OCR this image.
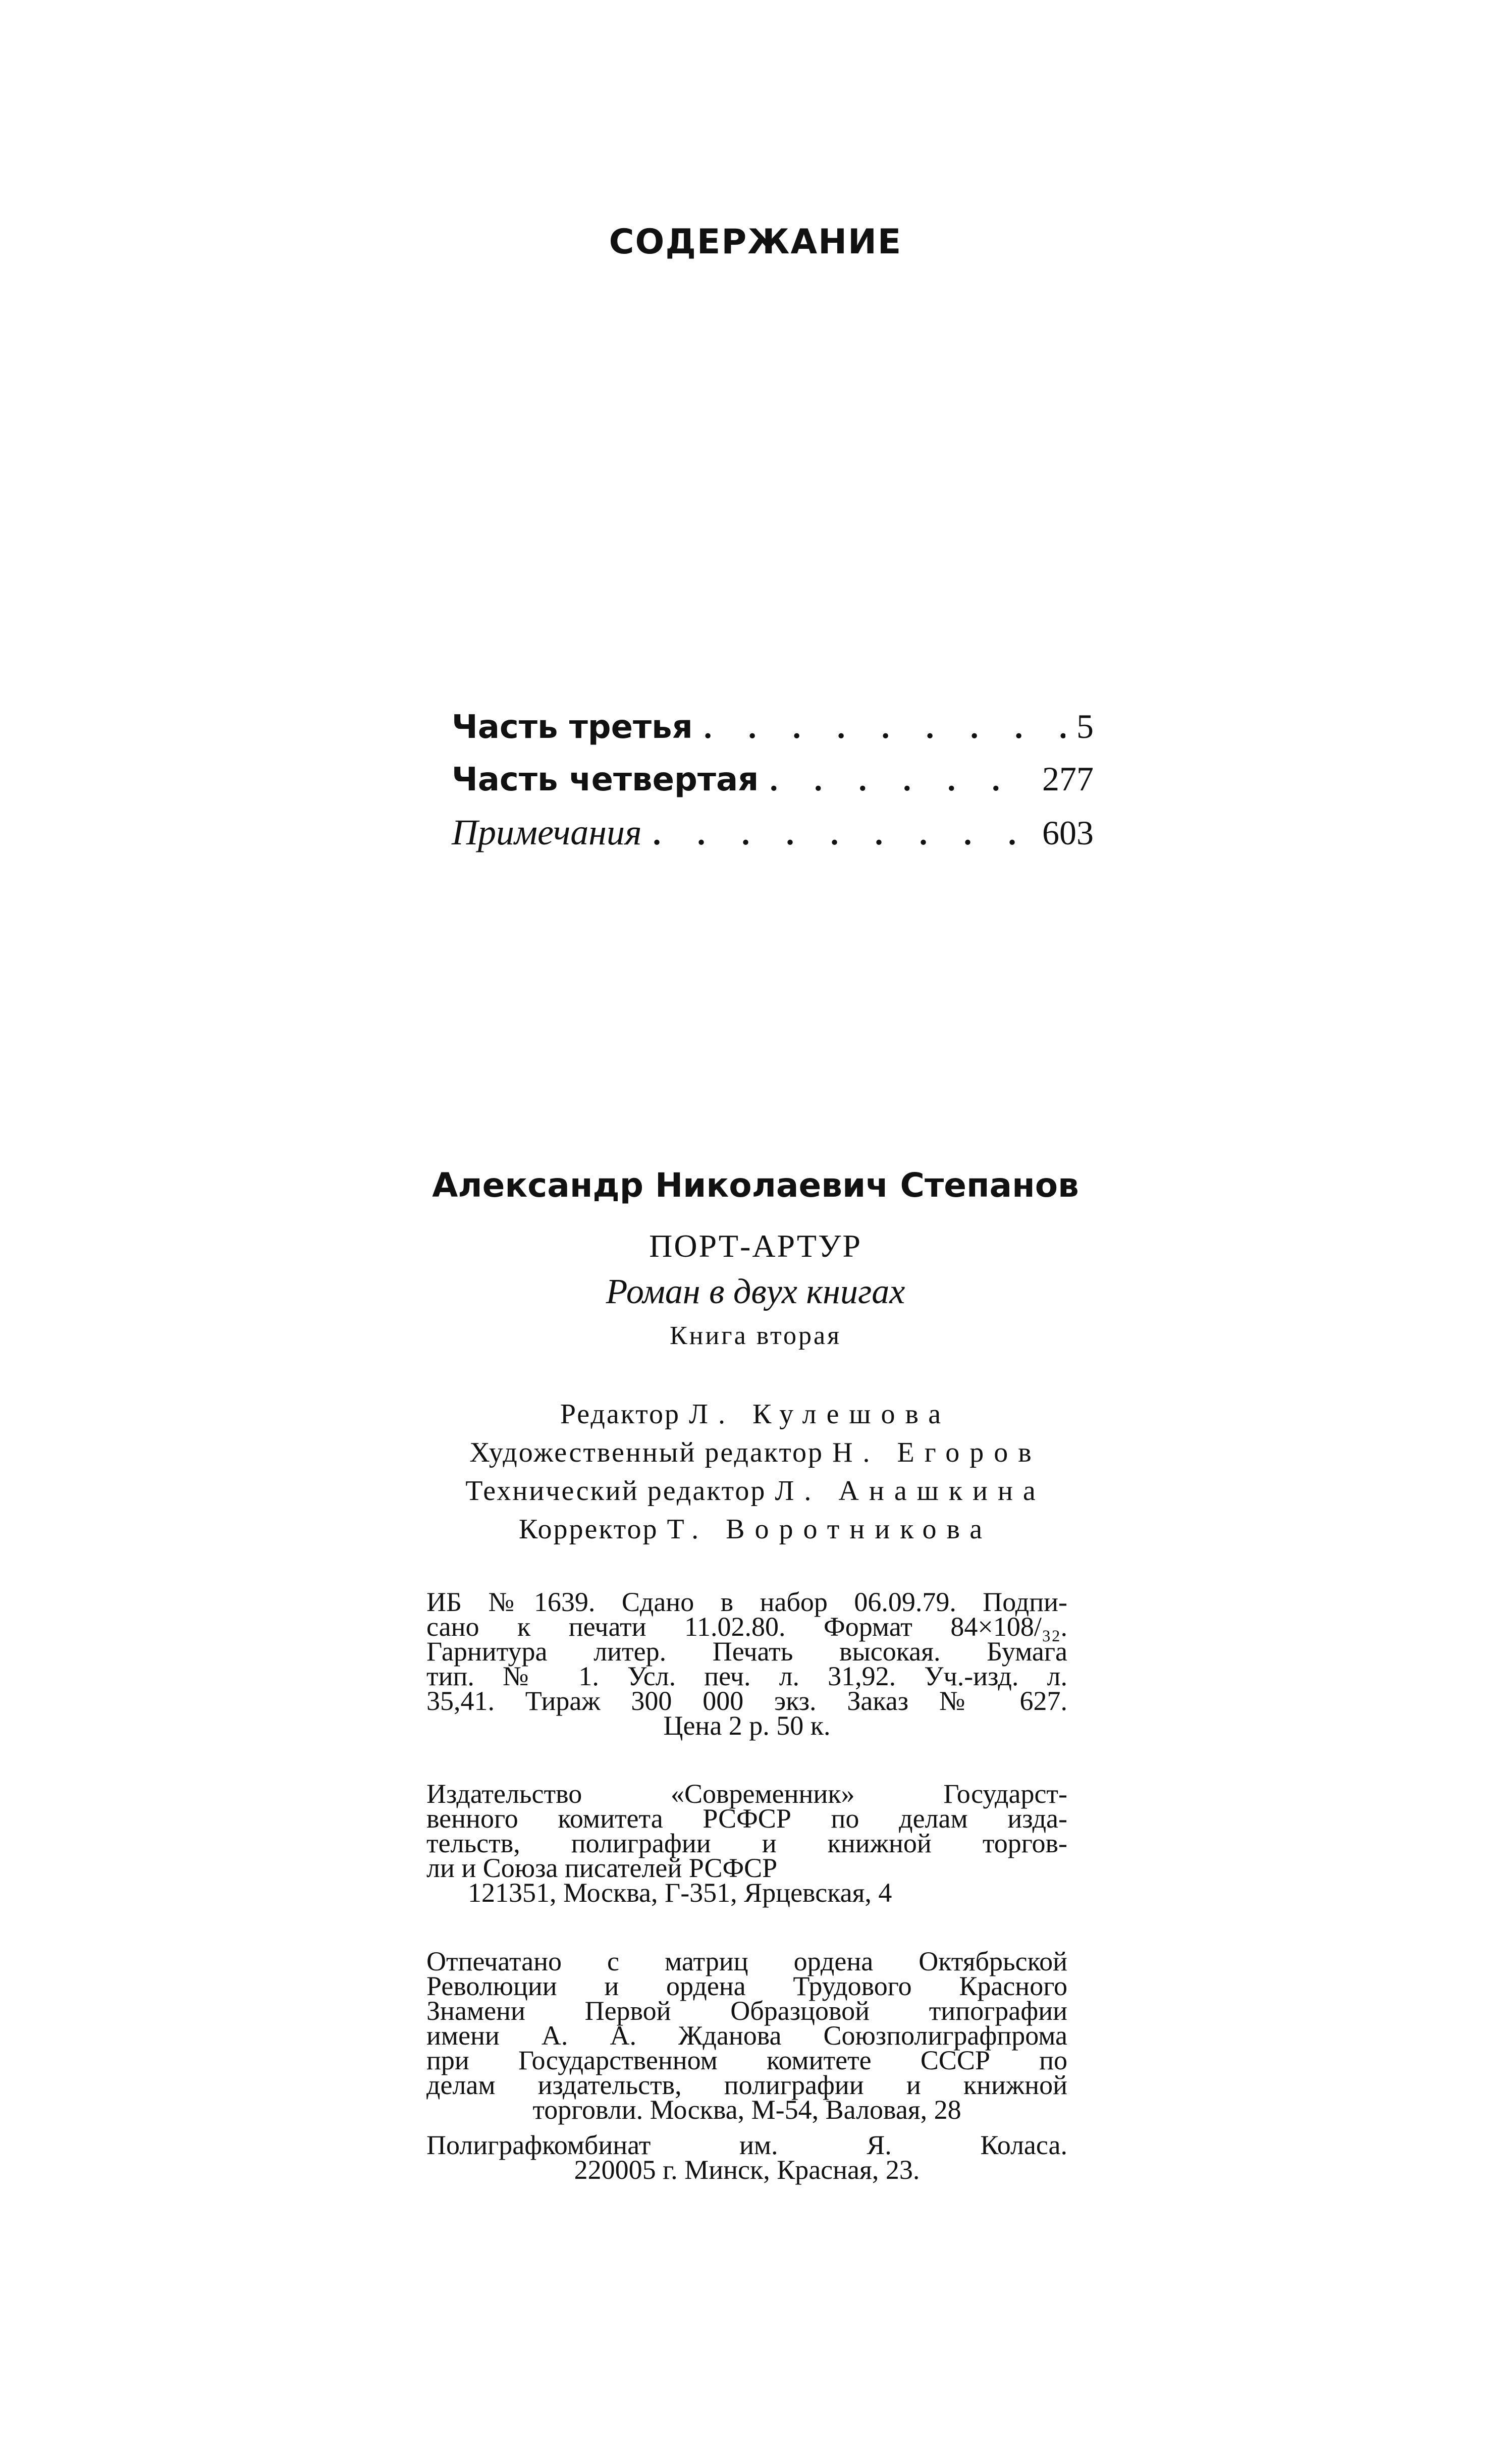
СОДЕРЖАНИЕ
Часть третья . . .	5
Часть четвертая . . .	277
Примечания . . .	603
Александр Николаевич Степанов
ПОРТ-АРТУР
Роман в двух книгах
Книга вторая
Редактор Л. Кулешова
Художественный редактор Н. Егоров
Технический редактор Л. Анашкина
Корректор Т. Воротникова

ИБ №1639. Сдано в набор 06.09.79. Подпи-

сано к печати 11.02.80. Формат 84×108/₃₂.

Гарнитура литер. Печать высокая. Бумага

тип. № 1. Усл. печ. л. 31,92. Уч.-изд. л.

35,41. Тираж 300 000 экз. Заказ № 627.

Цена 2 р. 50 к.

Издательство «Современник» Государст-

венного комитета РСФСР по делам изда-

тельств, полиграфии и книжной торгов-

ли и Союза писателей РСФСР

121351, Москва, Г-351, Ярцевская, 4

Отпечатано с матриц ордена Октябрьской

Революции и ордена Трудового Красного

Знамени Первой Образцовой типографии

имени А. А. Жданова Союзполиграфпрома

при Государственном комитете СССР по

делам издательств, полиграфии и книжной

торговли. Москва, М-54, Валовая, 28

Полиграфкомбинат им. Я. Коласа.

220005 г. Минск, Красная, 23.
